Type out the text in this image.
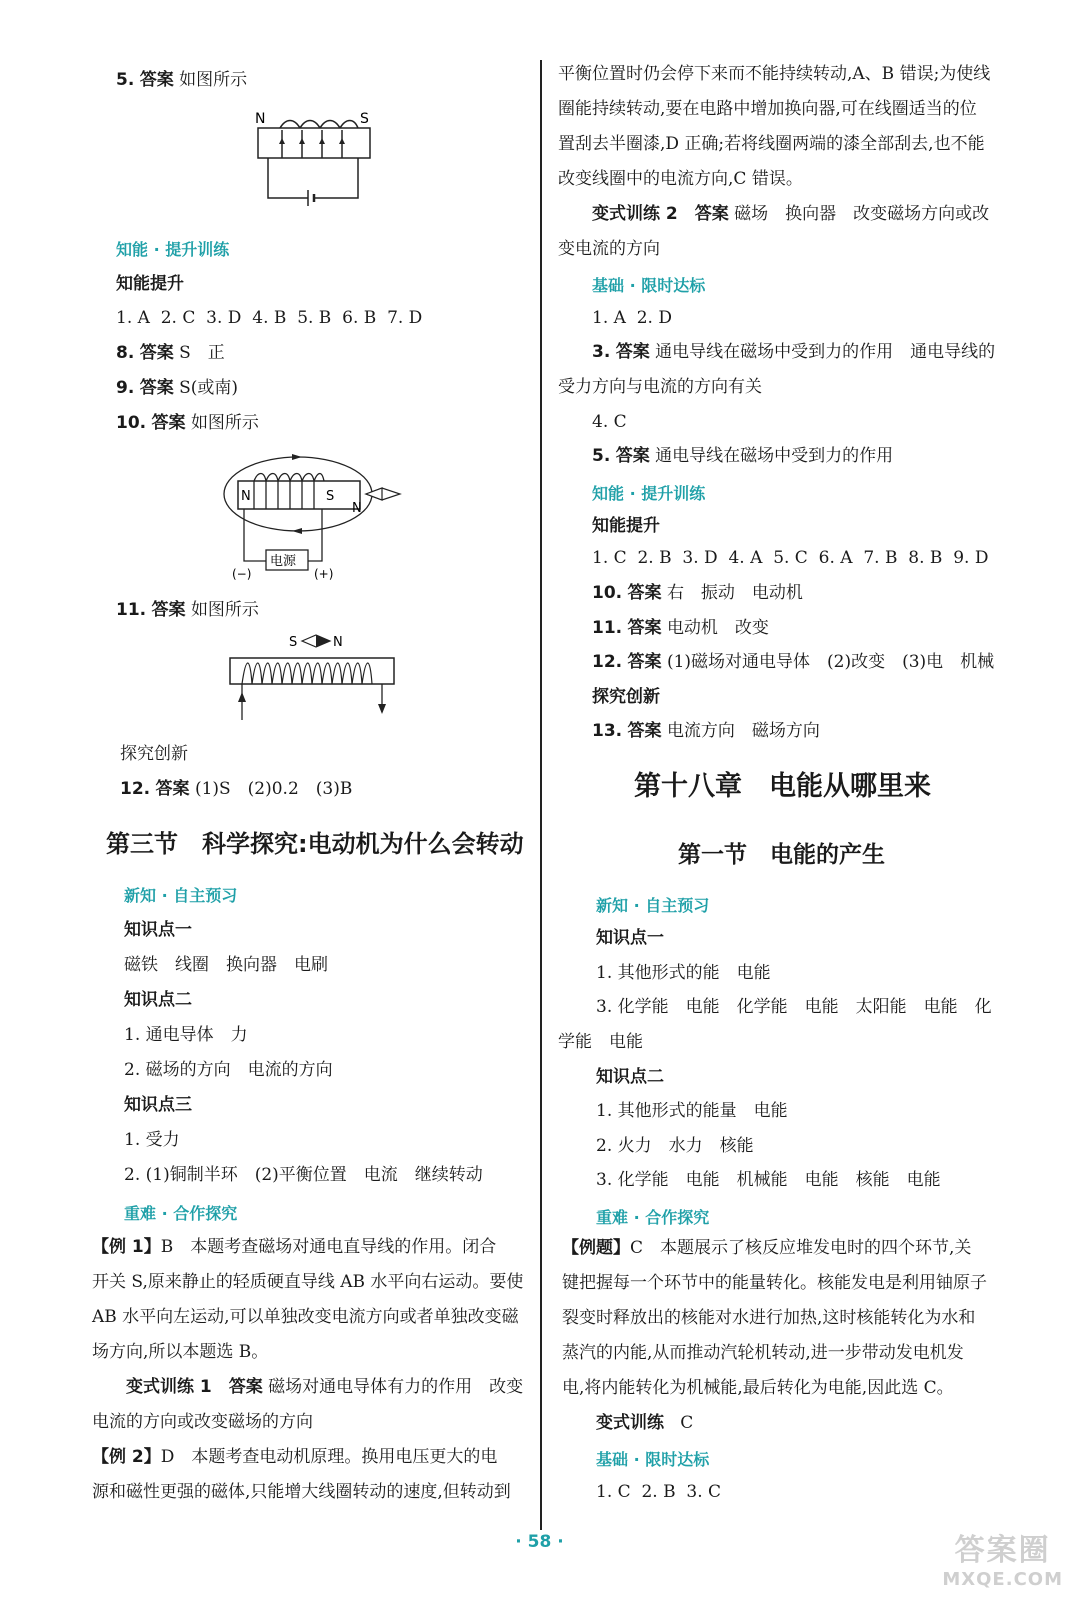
5. 答案 如图所示
N	S
知能 · 提升训练
知能提升
1. A 2. C 3. D 4. B 5. B 6. B 7. D
8. 答案 S　正
9. 答案 S(或南)
10. 答案 如图所示
N	S
N
电源
(−)	(+)
11. 答案 如图所示
S	N
探究创新
12. 答案 (1)S　(2)0.2　(3)B
第三节　科学探究:电动机为什么会转动
新知 · 自主预习
知识点一
磁铁　线圈　换向器　电刷
知识点二
1. 通电导体　力
2. 磁场的方向　电流的方向
知识点三
1. 受力
2. (1)铜制半环　(2)平衡位置　电流　继续转动
重难 · 合作探究
【例 1】B　本题考查磁场对通电直导线的作用。闭合
开关 S,原来静止的轻质硬直导线 AB 水平向右运动。要使
AB 水平向左运动,可以单独改变电流方向或者单独改变磁
场方向,所以本题选 B。
变式训练 1　答案 磁场对通电导体有力的作用　改变
电流的方向或改变磁场的方向
【例 2】D　本题考查电动机原理。换用电压更大的电
源和磁性更强的磁体,只能增大线圈转动的速度,但转动到
平衡位置时仍会停下来而不能持续转动,A、B 错误;为使线
圈能持续转动,要在电路中增加换向器,可在线圈适当的位
置刮去半圈漆,D 正确;若将线圈两端的漆全部刮去,也不能
改变线圈中的电流方向,C 错误。
变式训练 2　答案 磁场　换向器　改变磁场方向或改
变电流的方向
基础 · 限时达标
1. A 2. D
3. 答案 通电导线在磁场中受到力的作用　通电导线的
受力方向与电流的方向有关
4. C
5. 答案 通电导线在磁场中受到力的作用
知能 · 提升训练
知能提升
1. C 2. B 3. D 4. A 5. C 6. A 7. B 8. B 9. D
10. 答案 右　振动　电动机
11. 答案 电动机　改变
12. 答案 (1)磁场对通电导体　(2)改变　(3)电　机械
探究创新
13. 答案 电流方向　磁场方向
第十八章　电能从哪里来
第一节　电能的产生
新知 · 自主预习
知识点一
1. 其他形式的能　电能
3. 化学能　电能　化学能　电能　太阳能　电能　化
学能　电能
知识点二
1. 其他形式的能量　电能
2. 火力　水力　核能
3. 化学能　电能　机械能　电能　核能　电能
重难 · 合作探究
【例题】C　本题展示了核反应堆发电时的四个环节,关
键把握每一个环节中的能量转化。核能发电是利用铀原子
裂变时释放出的核能对水进行加热,这时核能转化为水和
蒸汽的内能,从而推动汽轮机转动,进一步带动发电机发
电,将内能转化为机械能,最后转化为电能,因此选 C。
变式训练 C
基础 · 限时达标
1. C 2. B 3. C
· 58 ·	答案圈
MXQE.COM
